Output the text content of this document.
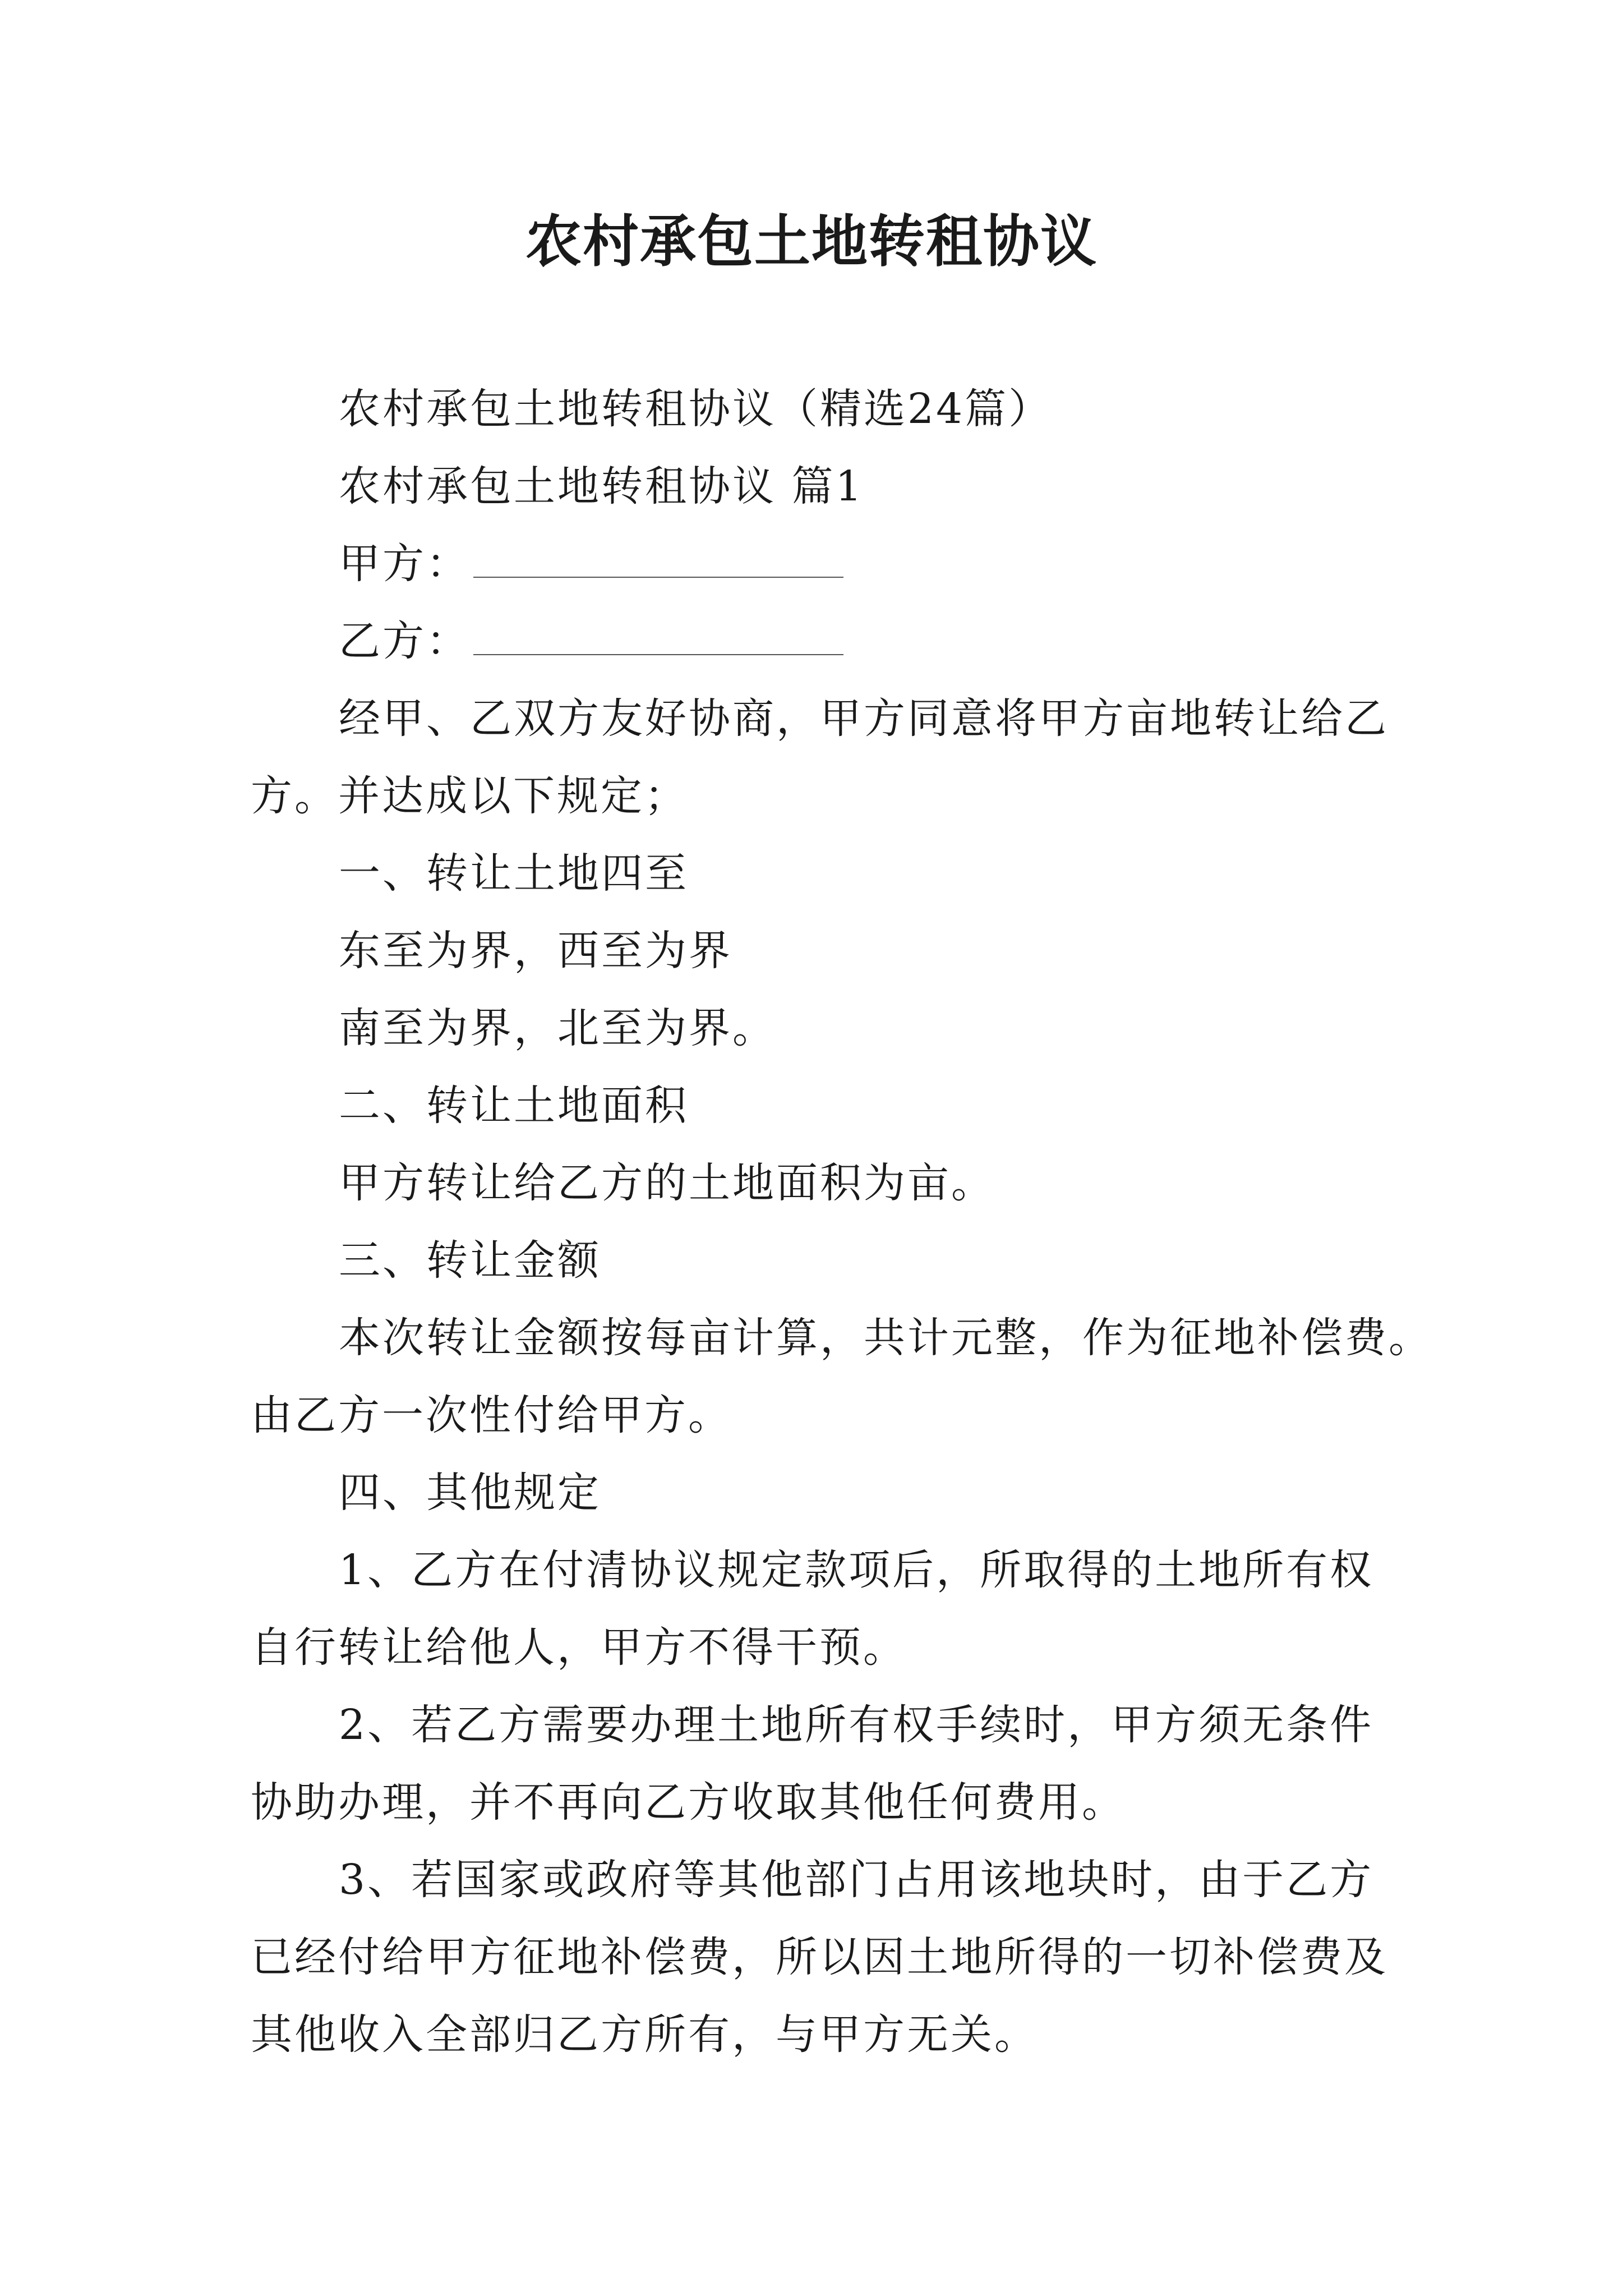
农村承包土地转租协议
农村承包土地转租协议（精选24篇）
农村承包土地转租协议 篇1
甲方：
乙方：
经甲、乙双方友好协商，甲方同意将甲方亩地转让给乙
方。并达成以下规定；
一、转让土地四至
东至为界，西至为界
南至为界，北至为界。
二、转让土地面积
甲方转让给乙方的土地面积为亩。
三、转让金额
本次转让金额按每亩计算，共计元整，作为征地补偿费。
由乙方一次性付给甲方。
四、其他规定
1、乙方在付清协议规定款项后，所取得的土地所有权
自行转让给他人，甲方不得干预。
2、若乙方需要办理土地所有权手续时，甲方须无条件
协助办理，并不再向乙方收取其他任何费用。
3、若国家或政府等其他部门占用该地块时，由于乙方
已经付给甲方征地补偿费，所以因土地所得的一切补偿费及
其他收入全部归乙方所有，与甲方无关。
